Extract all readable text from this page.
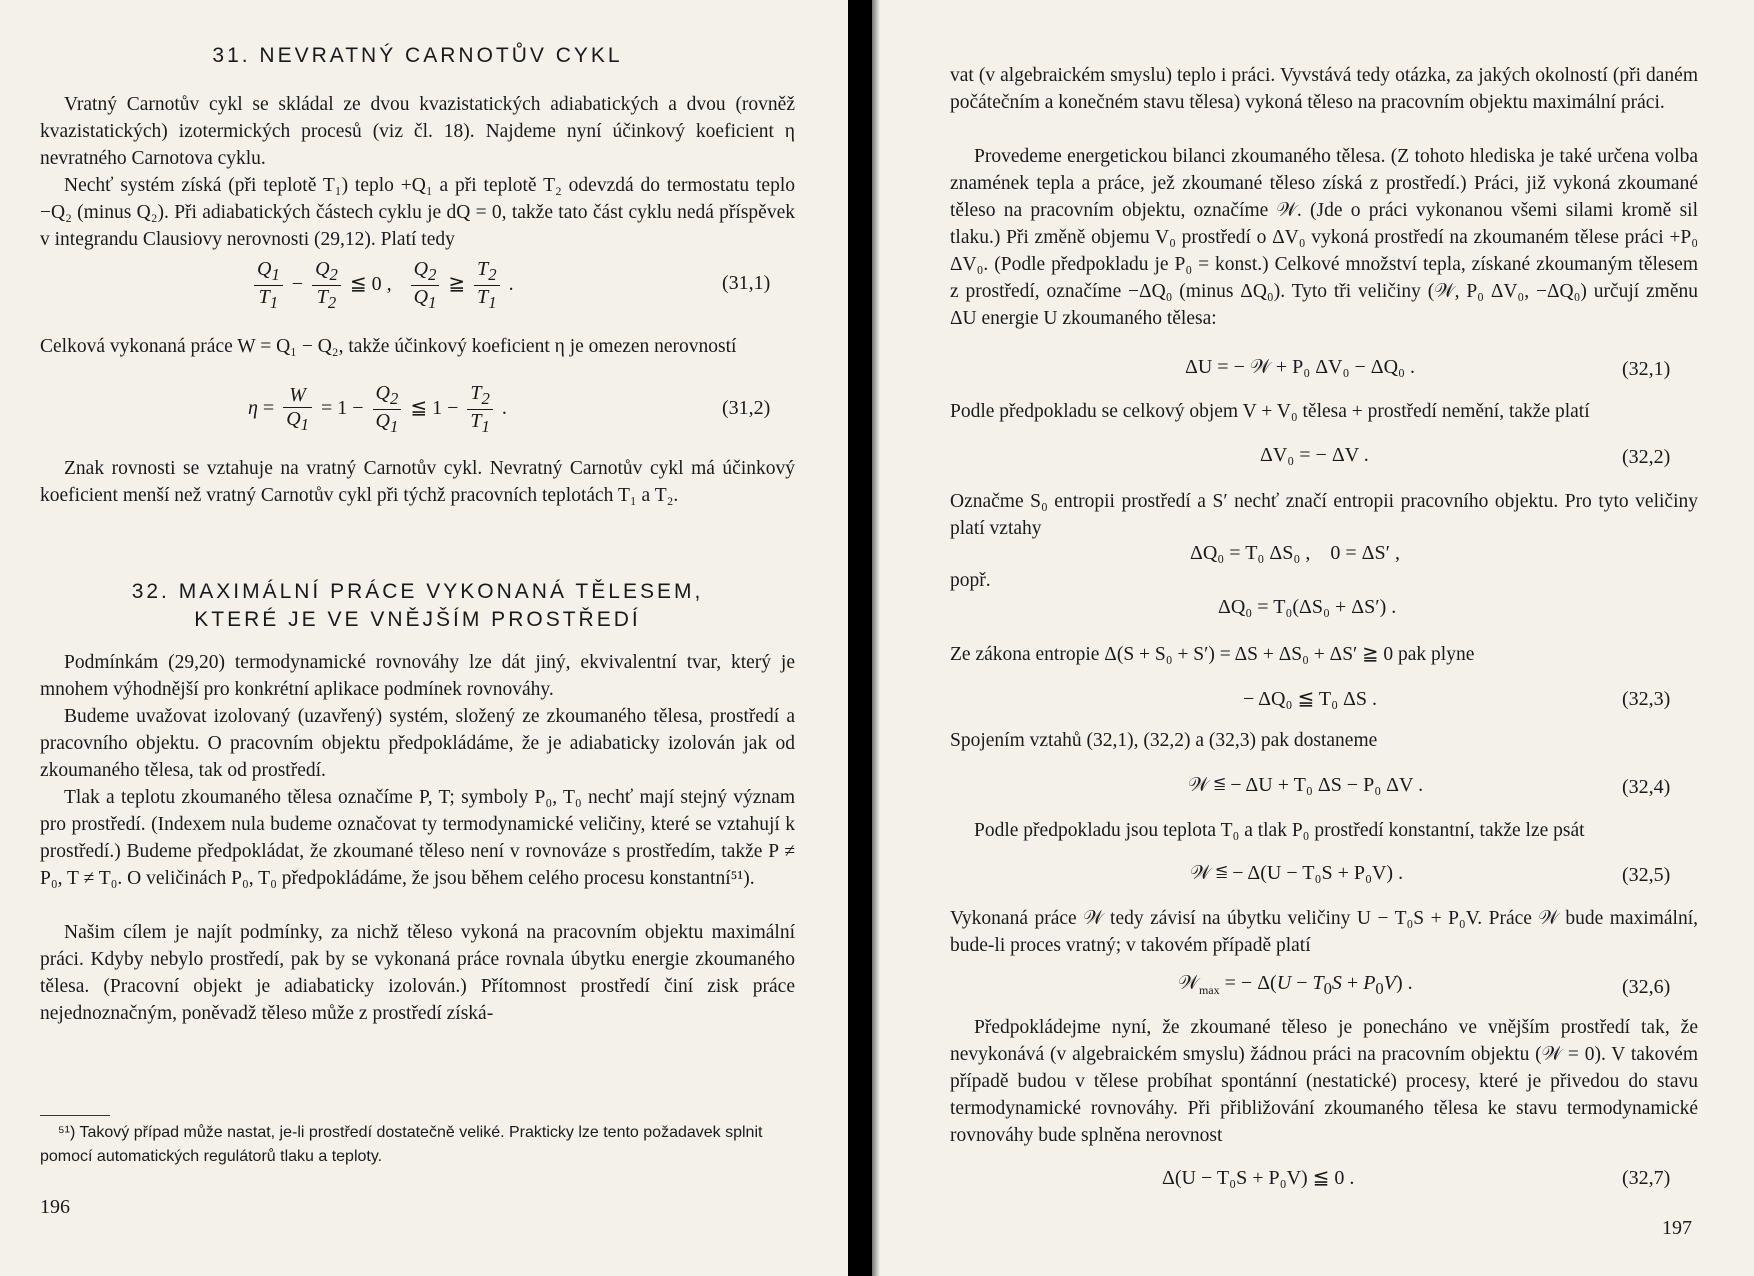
31. NEVRATNÝ CARNOTŮV CYKL

Vratný Carnotův cykl se skládal ze dvou kvazistatických adiabatických a dvou (rovněž kvazistatických) izotermických procesů (viz čl. 18). Najdeme nyní účinkový koeficient η nevratného Carnotova cyklu.

Nechť systém získá (při teplotě T₁) teplo +Q₁ a při teplotě T₂ odevzdá do termostatu teplo −Q₂ (minus Q₂). Při adiabatických částech cyklu je dQ = 0, takže tato část cyklu nedá příspěvek v integrandu Clausiovy nerovnosti (29,12). Platí tedy

$\frac{Q_1}{T_1} - \frac{Q_2}{T_2}$ ≦ 0 , $\frac{Q_2}{Q_1}$ ≧ $\frac{T_2}{T_1}$ .	(31,1)

Celková vykonaná práce W = Q₁ − Q₂, takže účinkový koeficient η je omezen nerovností

$\eta = \frac{W}{Q_1} = 1 - \frac{Q_2}{Q_1}$ ≦ $1 - \frac{T_2}{T_1}$ .	(31,2)

Znak rovnosti se vztahuje na vratný Carnotův cykl. Nevratný Carnotův cykl má účinkový koeficient menší než vratný Carnotův cykl při týchž pracovních teplotách T₁ a T₂.

32. MAXIMÁLNÍ PRÁCE VYKONANÁ TĚLESEM,
KTERÉ JE VE VNĚJŠÍM PROSTŘEDÍ

Podmínkám (29,20) termodynamické rovnováhy lze dát jiný, ekvivalentní tvar, který je mnohem výhodnější pro konkrétní aplikace podmínek rovnováhy.

Budeme uvažovat izolovaný (uzavřený) systém, složený ze zkoumaného tělesa, prostředí a pracovního objektu. O pracovním objektu předpokládáme, že je adiabaticky izolován jak od zkoumaného tělesa, tak od prostředí.

Tlak a teplotu zkoumaného tělesa označíme P, T; symboly P₀, T₀ nechť mají stejný význam pro prostředí. (Indexem nula budeme označovat ty termodynamické veličiny, které se vztahují k prostředí.) Budeme předpokládat, že zkoumané těleso není v rovnováze s prostředím, takže P ≠ P₀, T ≠ T₀. O veličinách P₀, T₀ předpokládáme, že jsou během celého procesu konstantní⁵¹).

Našim cílem je najít podmínky, za nichž těleso vykoná na pracovním objektu maximální práci. Kdyby nebylo prostředí, pak by se vykonaná práce rovnala úbytku energie zkoumaného tělesa. (Pracovní objekt je adiabaticky izolován.) Přítomnost prostředí činí zisk práce nejednoznačným, poněvadž těleso může z prostředí získá-

⁵¹) Takový případ může nastat, je-li prostředí dostatečně veliké. Prakticky lze tento požadavek splnit pomocí automatických regulátorů tlaku a teploty.

196

vat (v algebraickém smyslu) teplo i práci. Vyvstává tedy otázka, za jakých okolností (při daném počátečním a konečném stavu tělesa) vykoná těleso na pracovním objektu maximální práci.

Provedeme energetickou bilanci zkoumaného tělesa. (Z tohoto hlediska je také určena volba znamének tepla a práce, jež zkoumané těleso získá z prostředí.) Práci, již vykoná zkoumané těleso na pracovním objektu, označíme 𝒲. (Jde o práci vykonanou všemi silami kromě sil tlaku.) Při změně objemu V₀ prostředí o ΔV₀ vykoná prostředí na zkoumaném tělese práci +P₀ ΔV₀. (Podle předpokladu je P₀ = konst.) Celkové množství tepla, získané zkoumaným tělesem z prostředí, označíme −ΔQ₀ (minus ΔQ₀). Tyto tři veličiny (𝒲, P₀ ΔV₀, −ΔQ₀) určují změnu ΔU energie U zkoumaného tělesa:

ΔU = − 𝒲 + P₀ ΔV₀ − ΔQ₀ .	(32,1)

Podle předpokladu se celkový objem V + V₀ tělesa + prostředí nemění, takže platí

ΔV₀ = − ΔV .	(32,2)

Označme S₀ entropii prostředí a S′ nechť značí entropii pracovního objektu. Pro tyto veličiny platí vztahy

ΔQ₀ = T₀ ΔS₀ ,    0 = ΔS′ ,
popř.
ΔQ₀ = T₀(ΔS₀ + ΔS′) .

Ze zákona entropie Δ(S + S₀ + S′) = ΔS + ΔS₀ + ΔS′ ≧ 0 pak plyne

− ΔQ₀ ≦ T₀ ΔS .	(32,3)

Spojením vztahů (32,1), (32,2) a (32,3) pak dostaneme

𝒲 ≦ − ΔU + T₀ ΔS − P₀ ΔV .	(32,4)

Podle předpokladu jsou teplota T₀ a tlak P₀ prostředí konstantní, takže lze psát

𝒲 ≦ − Δ(U − T₀S + P₀V) .	(32,5)

Vykonaná práce 𝒲 tedy závisí na úbytku veličiny U − T₀S + P₀V. Práce 𝒲 bude maximální, bude-li proces vratný; v takovém případě platí

𝒲$_{max}$ = − $\Delta(U - T_0S + P_0V)$ .	(32,6)

Předpokládejme nyní, že zkoumané těleso je ponecháno ve vnějším prostředí tak, že nevykonává (v algebraickém smyslu) žádnou práci na pracovním objektu (𝒲 = 0). V takovém případě budou v tělese probíhat spontánní (nestatické) procesy, které je přivedou do stavu termodynamické rovnováhy. Při přibližování zkoumaného tělesa ke stavu termodynamické rovnováhy bude splněna nerovnost

Δ(U − T₀S + P₀V) ≦ 0 .	(32,7)
197
